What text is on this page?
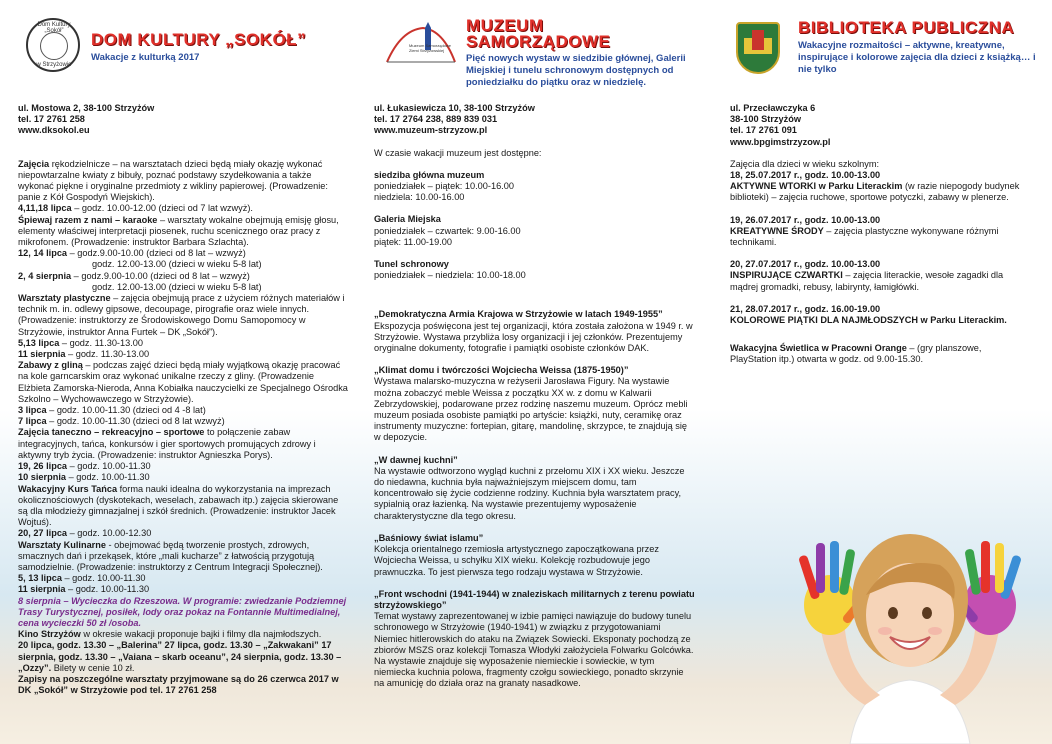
Dom Kultury „Sokół”
w Strzyżowie
DOM KULTURY „SOKÓŁ”
Wakacje z kulturką 2017
Muzeum Samorządowe Ziemi Strzyżowskiej
MUZEUM
SAMORZĄDOWE
Pięć nowych wystaw w siedzibie głównej, Galerii Miejskiej i tunelu schronowym dostępnych od poniedziałku do piątku oraz w niedzielę.
BIBLIOTEKA PUBLICZNA
Wakacyjne rozmaitości – aktywne, kreatywne, inspirujące i kolorowe zajęcia dla dzieci z książką… i nie tylko

ul. Mostowa 2, 38-100 Strzyżów

tel. 17 2761 258

www.dksokol.eu

Zajęcia rękodzielnicze – na warsztatach dzieci będą miały okazję wykonać niepowtarzalne kwiaty z bibuły, poznać podstawy szydełkowania a także wykonać piękne i oryginalne przedmioty z wikliny papierowej. (Prowadzenie: panie z Kół Gospodyń Wiejskich).

4,11,18 lipca – godz. 10.00-12.00 (dzieci od 7 lat wzwyż).

Śpiewaj razem z nami – karaoke – warsztaty wokalne obejmują emisję głosu, elementy właściwej interpretacji piosenek, ruchu scenicznego oraz pracy z mikrofonem. (Prowadzenie: instruktor Barbara Szlachta).

12, 14 lipca – godz.9.00-10.00 (dzieci od 8 lat – wzwyż)

godz. 12.00-13.00 (dzieci w wieku 5-8 lat)

2, 4 sierpnia – godz.9.00-10.00 (dzieci od 8 lat – wzwyż)

godz. 12.00-13.00 (dzieci w wieku 5-8 lat)

Warsztaty plastyczne – zajęcia obejmują prace z użyciem różnych materiałów i technik m. in. odlewy gipsowe, decoupage, pirografie oraz wiele innych. (Prowadzenie: instruktorzy ze Środowiskowego Domu Samopomocy w Strzyżowie, instruktor Anna Furtek – DK „Sokół”).

5,13 lipca – godz. 11.30-13.00

11 sierpnia – godz. 11.30-13.00

Zabawy z gliną – podczas zajęć dzieci będą miały wyjątkową okazję pracować na kole garncarskim oraz wykonać unikalne rzeczy z gliny. (Prowadzenie Elżbieta Zamorska-Nieroda, Anna Kobiałka nauczycielki ze Specjalnego Ośrodka Szkolno – Wychowawczego w Strzyżowie).

3 lipca – godz. 10.00-11.30 (dzieci od 4 -8 lat)

7 lipca – godz. 10.00-11.30 (dzieci od 8 lat wzwyż)

Zajęcia taneczno – rekreacyjno – sportowe to połączenie zabaw integracyjnych, tańca, konkursów i gier sportowych promujących zdrowy i aktywny tryb życia. (Prowadzenie: instruktor Agnieszka Porys).

19, 26 lipca – godz. 10.00-11.30

10 sierpnia – godz. 10.00-11.30

Wakacyjny Kurs Tańca forma nauki idealna do wykorzystania na imprezach okolicznościowych (dyskotekach, weselach, zabawach itp.) zajęcia skierowane są dla młodzieży gimnazjalnej i szkół średnich. (Prowadzenie: instruktor Jacek Wojtuś).

20, 27 lipca – godz. 10.00-12.30

Warsztaty Kulinarne - obejmować będą tworzenie prostych, zdrowych, smacznych dań i przekąsek, które „mali kucharze” z łatwością przygotują samodzielnie. (Prowadzenie: instruktorzy z Centrum Integracji Społecznej).

5, 13 lipca – godz. 10.00-11.30

11 sierpnia – godz. 10.00-11.30

8 sierpnia – Wycieczka do Rzeszowa. W programie: zwiedzanie Podziemnej Trasy Turystycznej, posiłek, lody oraz pokaz na Fontannie Multimedialnej, cena wycieczki 50 zł /osoba.

Kino Strzyżów w okresie wakacji proponuje bajki i filmy dla najmłodszych.

20 lipca, godz. 13.30 – „Balerina” 27 lipca, godz. 13.30 – „Zakwakani” 17 sierpnia, godz. 13.30 – „Vaiana – skarb oceanu”, 24 sierpnia, godz. 13.30 – „Ozzy”. Bilety w cenie 10 zł.

Zapisy na poszczególne warsztaty przyjmowane są do 26 czerwca 2017 w DK „Sokół” w Strzyżowie pod tel. 17 2761 258

ul. Łukasiewicza 10, 38-100 Strzyżów

tel. 17 2764 238, 889 839 031

www.muzeum-strzyzow.pl

W czasie wakacji muzeum jest dostępne:

siedziba główna muzeum

poniedziałek – piątek: 10.00-16.00

niedziela: 10.00-16.00

Galeria Miejska

poniedziałek – czwartek: 9.00-16.00

piątek: 11.00-19.00

Tunel schronowy

poniedziałek – niedziela: 10.00-18.00

„Demokratyczna Armia Krajowa w Strzyżowie w latach 1949-1955”

Ekspozycja poświęcona jest tej organizacji, która została założona w 1949 r. w Strzyżowie. Wystawa przybliża losy organizacji i jej członków. Prezentujemy oryginalne dokumenty, fotografie i pamiątki osobiste członków DAK.

„Klimat domu i twórczości Wojciecha Weissa (1875-1950)”

Wystawa malarsko-muzyczna w reżyserii Jarosława Figury. Na wystawie można zobaczyć meble Weissa z początku XX w. z domu w Kalwarii Zebrzydowskiej, podarowane przez rodzinę naszemu muzeum. Oprócz mebli muzeum posiada osobiste pamiątki po artyście: książki, nuty, ceramikę oraz instrumenty muzyczne: fortepian, gitarę, mandolinę, skrzypce, te znajdują się w depozycie.

„W dawnej kuchni”

Na wystawie odtworzono wygląd kuchni z przełomu XIX i XX wieku. Jeszcze do niedawna, kuchnia była najważniejszym miejscem domu, tam koncentrowało się życie codzienne rodziny. Kuchnia była warsztatem pracy, sypialnią oraz łazienką. Na wystawie prezentujemy wyposażenie charakterystyczne dla tego okresu.

„Baśniowy świat islamu”

Kolekcja orientalnego rzemiosła artystycznego zapoczątkowana przez Wojciecha Weissa, u schyłku XIX wieku. Kolekcję rozbudowuje jego prawnuczka. To jest pierwsza tego rodzaju wystawa w Strzyżowie.

„Front wschodni (1941-1944) w znaleziskach militarnych z terenu powiatu strzyżowskiego”

Temat wystawy zaprezentowanej w izbie pamięci nawiązuje do budowy tunelu schronowego w Strzyżowie (1940-1941) w związku z przygotowaniami Niemiec hitlerowskich do ataku na Związek Sowiecki. Eksponaty pochodzą ze zbiorów MSZS oraz kolekcji Tomasza Włodyki założyciela Folwarku Golcówka. Na wystawie znajduje się wyposażenie niemieckie i sowieckie, w tym niemiecka kuchnia polowa, fragmenty czołgu sowieckiego, ponadto skrzynie na amunicję do działa oraz na granaty nasadkowe.

ul. Przecławczyka 6

38-100 Strzyżów

tel. 17 2761 091

www.bpgimstrzyzow.pl

Zajęcia dla dzieci w wieku szkolnym:

18, 25.07.2017 r., godz. 10.00-13.00

AKTYWNE WTORKI w Parku Literackim (w razie niepogody budynek biblioteki) – zajęcia ruchowe, sportowe potyczki, zabawy w plenerze.

19, 26.07.2017 r., godz. 10.00-13.00

KREATYWNE ŚRODY – zajęcia plastyczne wykonywane różnymi technikami.

20, 27.07.2017 r., godz. 10.00-13.00

INSPIRUJĄCE CZWARTKI – zajęcia literackie, wesołe zagadki dla mądrej gromadki, rebusy, labirynty, łamigłówki.

21, 28.07.2017 r., godz. 16.00-19.00

KOLOROWE PIĄTKI DLA NAJMŁODSZYCH w Parku Literackim.

Wakacyjna Świetlica w Pracowni Orange – (gry planszowe, PlayStation itp.) otwarta w godz. od 9.00-15.30.
